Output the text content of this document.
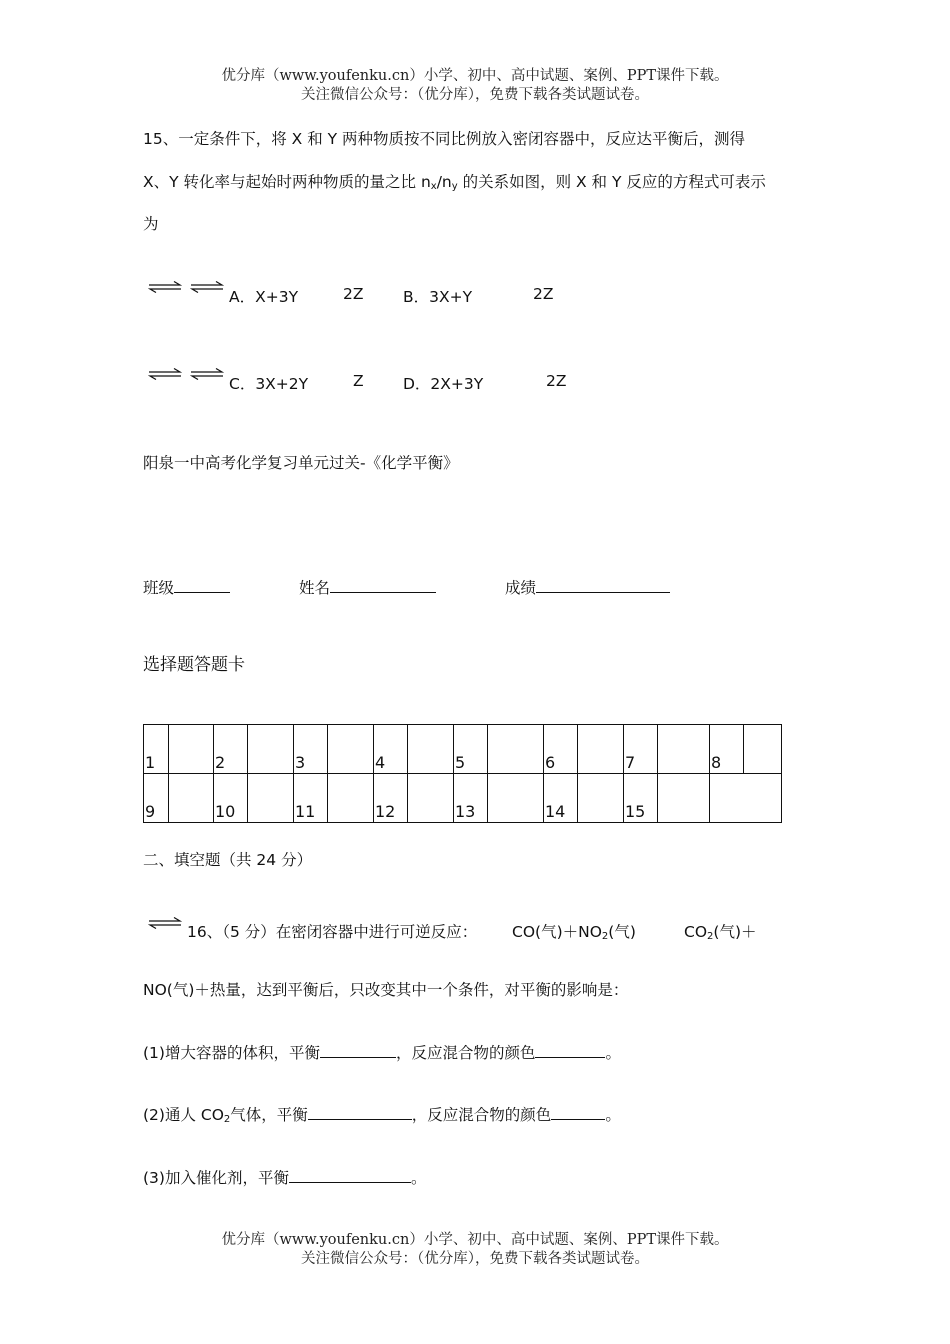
优分库（www.youfenku.cn）小学、初中、高中试题、案例、PPT课件下载。
关注微信公众号：（优分库），免费下载各类试题试卷。
15、一定条件下，将 X 和 Y 两种物质按不同比例放入密闭容器中，反应达平衡后，测得
X、Y 转化率与起始时两种物质的量之比 $n_x/n_y$ 的关系如图，则 X 和 Y 反应的方程式可表示
为
A．X+3Y	2Z	B．3X+Y	2Z
C．3X+2Y	Z	D．2X+3Y	2Z
阳泉一中高考化学复习单元过关-《化学平衡》
班级	姓名	成绩
选择题答题卡
1		2		3		4		5		6		7		8	
9		10		11		12		13		14		15			
二、填空题（共 24 分）
16、（5 分）在密闭容器中进行可逆反应： CO(气)$+NO_2$(气)	$CO_2$(气)＋
NO(气)＋热量，达到平衡后，只改变其中一个条件，对平衡的影响是：
(1)增大容器的体积，平衡	，反应混合物的颜色	。
(2)通人 $CO_2$气体，平衡	，反应混合物的颜色	。
(3)加入催化剂，平衡	。
优分库（www.youfenku.cn）小学、初中、高中试题、案例、PPT课件下载。
关注微信公众号：（优分库），免费下载各类试题试卷。
